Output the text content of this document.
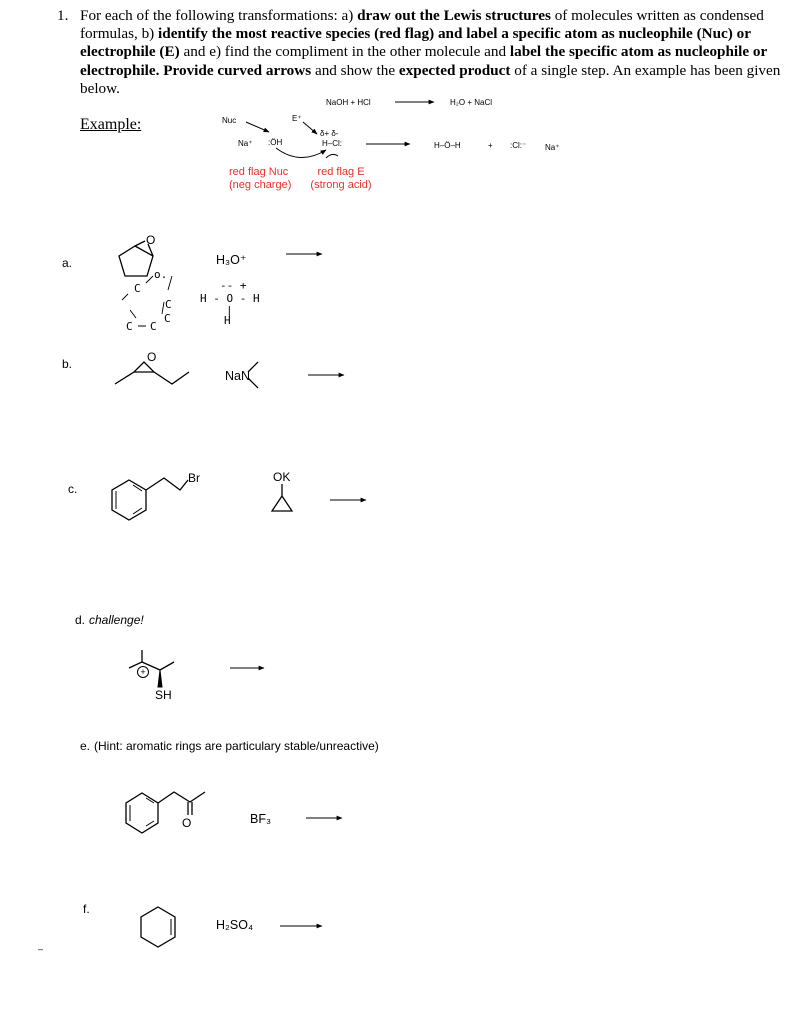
1. For each of the following transformations: a) draw out the Lewis structures of molecules written as condensed formulas, b) identify the most reactive species (red flag) and label a specific atom as nucleophile (Nuc) or electrophile (E) and e) find the compliment in the other molecule and label the specific atom as nucleophile or electrophile. Provide curved arrows and show the expected product of a single step. An example has been given below.
Example:
NaOH + HCl	H₂O + NaCl
Nuc	E⁺
Na⁺ :ÖH
δ+ δ-
H–Cl:	H–Ö–H	+ :Cl:⁻ Na⁺
red flag Nuc
(neg charge)
red flag E
(strong acid)
a.
O
H₃O⁺
o.
C
C
C
C C
-- +
H - O - H
|
H
b.	O
NaN
c.
Br	OK
d. challenge!
SH
+
e. (Hint: aromatic rings are particulary stable/unreactive)
O	BF₃
f.
H₂SO₄
–
